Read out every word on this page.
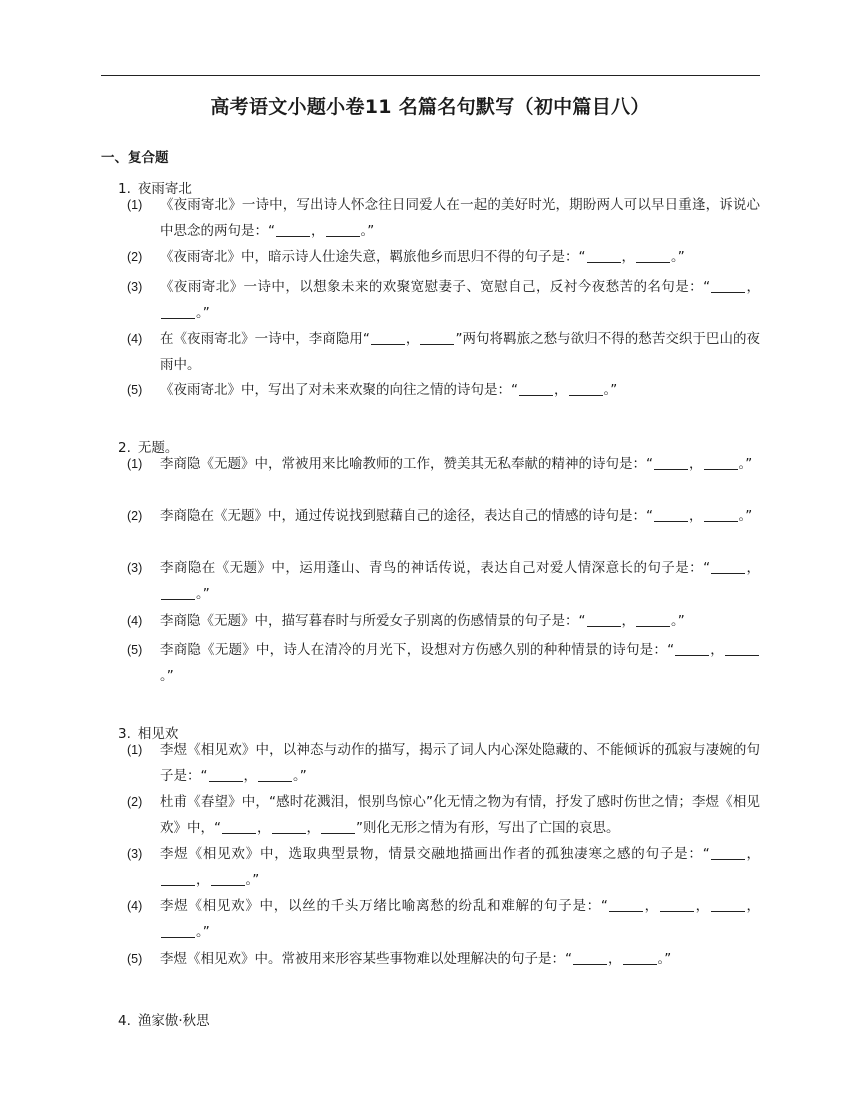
高考语文小题小卷11 名篇名句默写（初中篇目八）
一、复合题
1. 夜雨寄北
(1) 《夜雨寄北》一诗中，写出诗人怀念往日同爱人在一起的美好时光，期盼两人可以早日重逢，诉说心中思念的两句是：“	，	。”
(2) 《夜雨寄北》中，暗示诗人仕途失意，羁旅他乡而思归不得的句子是：“	，	。”
(3) 《夜雨寄北》一诗中，以想象未来的欢聚宽慰妻子、宽慰自己，反衬今夜愁苦的名句是：“	，。”
(4) 在《夜雨寄北》一诗中，李商隐用“	，	”两句将羁旅之愁与欲归不得的愁苦交织于巴山的夜雨中。
(5) 《夜雨寄北》中，写出了对未来欢聚的向往之情的诗句是：“	，	。”
2. 无题。
(1) 李商隐《无题》中，常被用来比喻教师的工作，赞美其无私奉献的精神的诗句是：“	，	。”
(2) 李商隐在《无题》中，通过传说找到慰藉自己的途径，表达自己的情感的诗句是：“	，	。”
(3) 李商隐在《无题》中，运用蓬山、青鸟的神话传说，表达自己对爱人情深意长的句子是：“	，。”
(4) 李商隐《无题》中，描写暮春时与所爱女子别离的伤感情景的句子是：“	，	。”
(5) 李商隐《无题》中，诗人在清冷的月光下，设想对方伤感久别的种种情景的诗句是：“	，。”
3. 相见欢
(1) 李煜《相见欢》中，以神态与动作的描写，揭示了词人内心深处隐藏的、不能倾诉的孤寂与凄婉的句子是：“	，	。”
(2) 杜甫《春望》中，“感时花溅泪，恨别鸟惊心”化无情之物为有情，抒发了感时伤世之情；李煜《相见欢》中，“	，	，	”则化无形之情为有形，写出了亡国的哀思。
(3) 李煜《相见欢》中，选取典型景物，情景交融地描画出作者的孤独凄寒之感的句子是：“	，，	。”
(4) 李煜《相见欢》中，以丝的千头万绪比喻离愁的纷乱和难解的句子是：“	，	，	，。”
(5) 李煜《相见欢》中。常被用来形容某些事物难以处理解决的句子是：“	，	。”
4. 渔家傲·秋思
